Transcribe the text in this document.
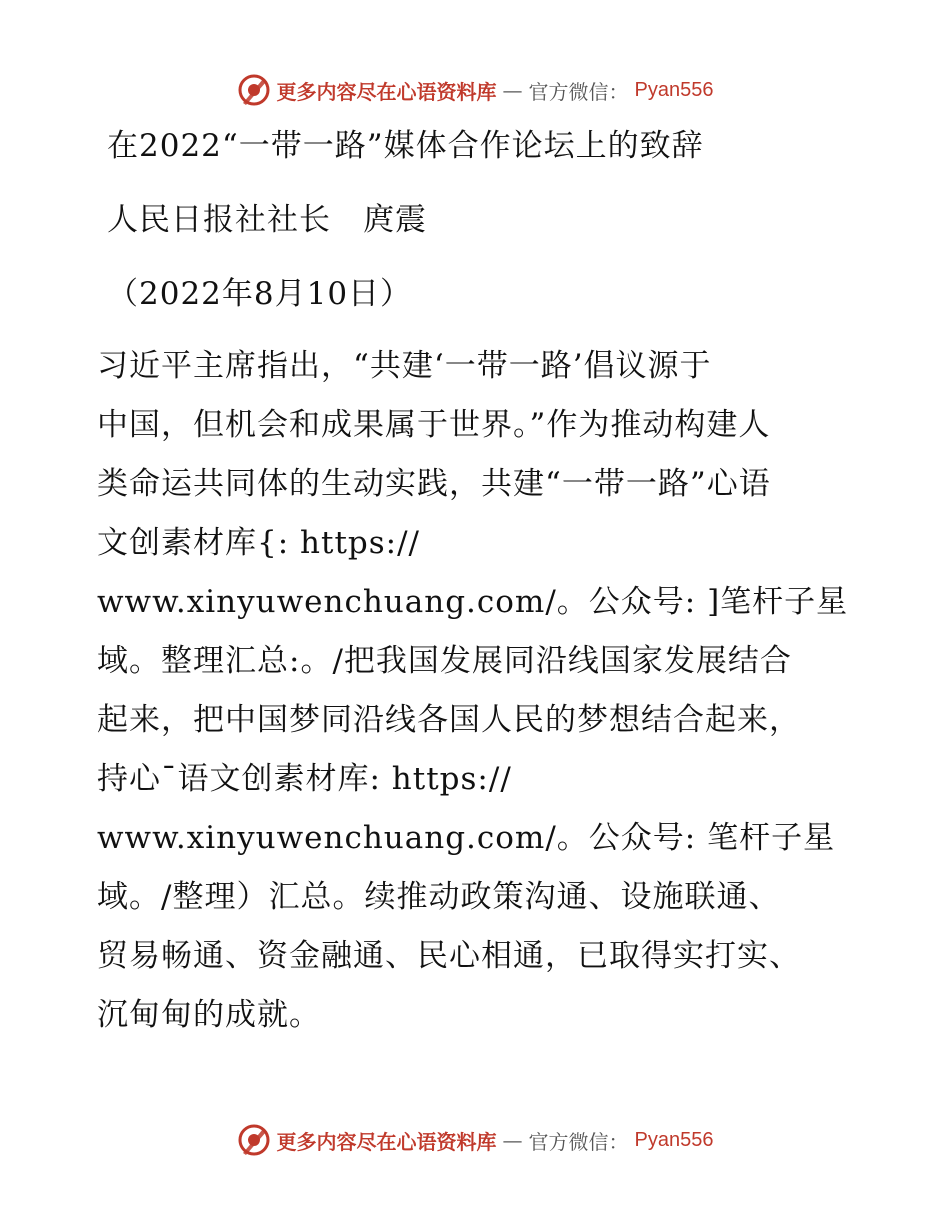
更多内容尽在心语资料库 — 官方微信： Pyan556
在2022“一带一路”媒体合作论坛上的致辞
人民日报社社长　庹震
（2022年8月10日）
习近平主席指出，“共建‘一带一路’倡议源于
中国，但机会和成果属于世界。”作为推动构建人
类命运共同体的生动实践，共建“一带一路”心语
文创素材库{: https://
www.xinyuwenchuang.com/。公众号: ]笔杆子星
域。整理汇总:。/把我国发展同沿线国家发展结合
起来，把中国梦同沿线各国人民的梦想结合起来，
持心¯语文创素材库: https://
www.xinyuwenchuang.com/。公众号: 笔杆子星
域。/整理）汇总。续推动政策沟通、设施联通、
贸易畅通、资金融通、民心相通，已取得实打实、
沉甸甸的成就。
更多内容尽在心语资料库 — 官方微信： Pyan556
